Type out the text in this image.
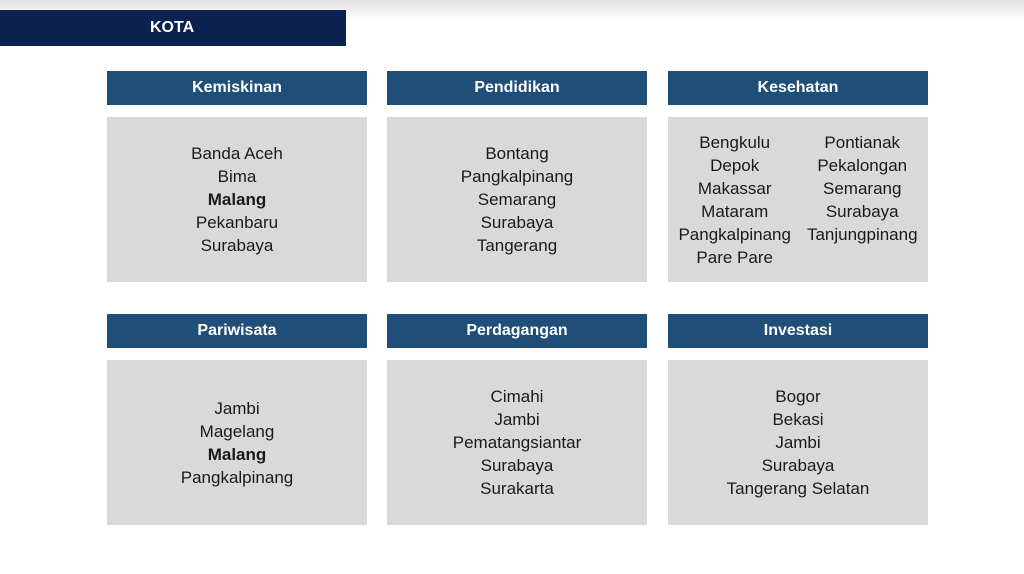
KOTA
Kemiskinan
Banda Aceh
Bima
Malang
Pekanbaru
Surabaya
Pendidikan
Bontang
Pangkalpinang
Semarang
Surabaya
Tangerang
Kesehatan
Bengkulu
Depok
Makassar
Mataram
Pangkalpinang
Pare Pare
Pontianak
Pekalongan
Semarang
Surabaya
Tanjungpinang
Pariwisata
Jambi
Magelang
Malang
Pangkalpinang
Perdagangan
Cimahi
Jambi
Pematangsiantar
Surabaya
Surakarta
Investasi
Bogor
Bekasi
Jambi
Surabaya
Tangerang Selatan
